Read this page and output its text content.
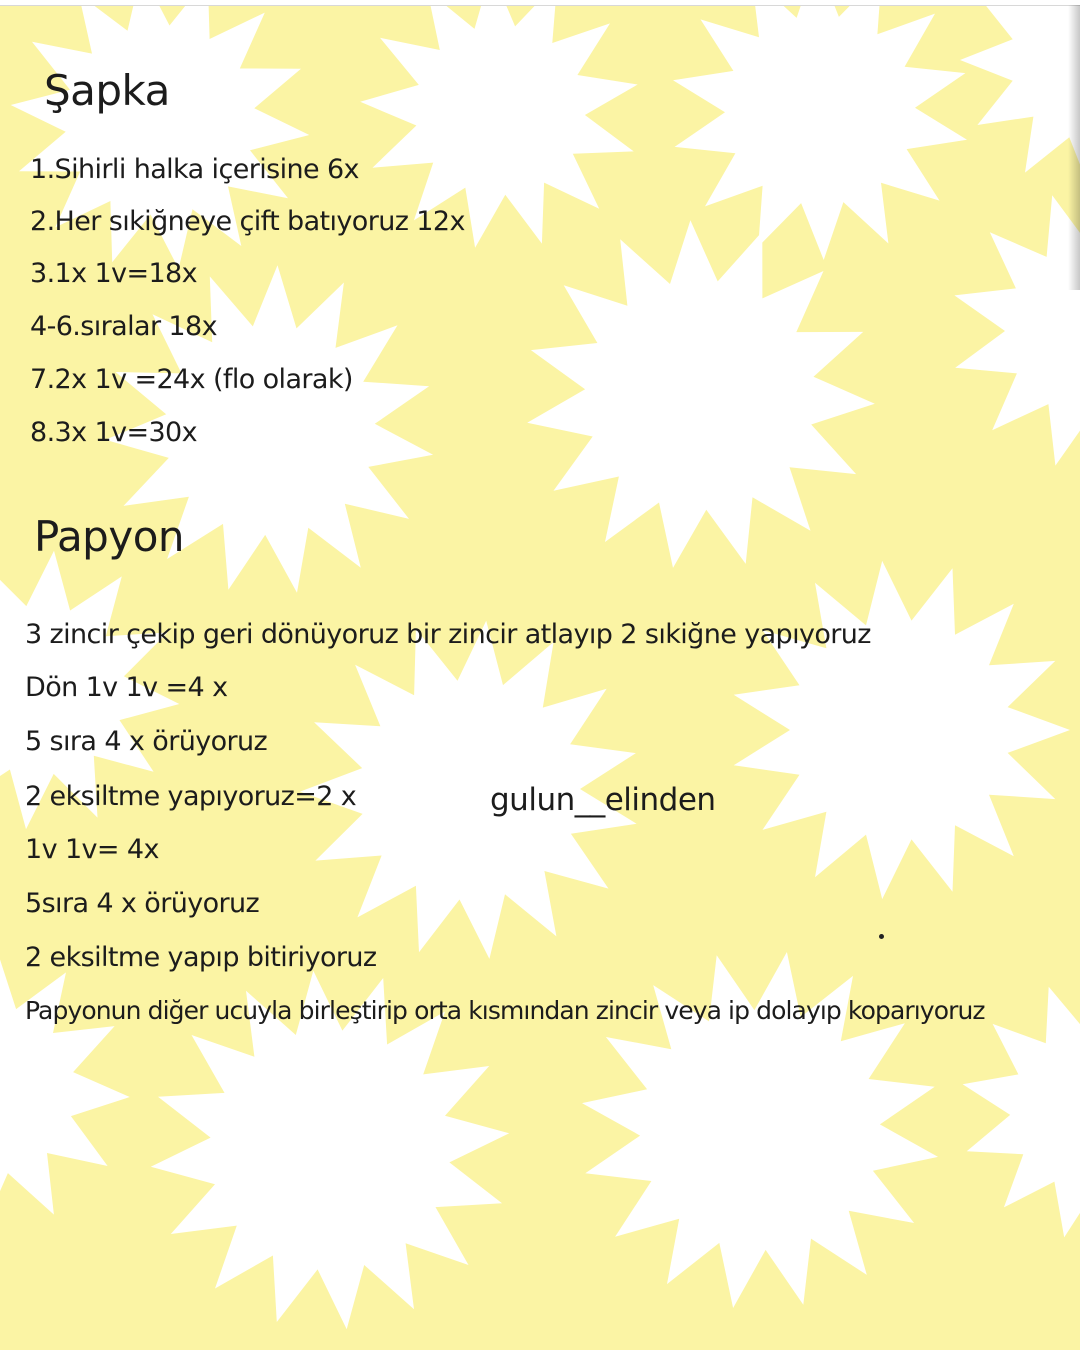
Şapka

1.Sihirli halka içerisine 6x

2.Her sıkiğneye çift batıyoruz 12x

3.1x 1v=18x

4-6.sıralar 18x

7.2x 1v =24x (flo olarak)

8.3x 1v=30x

Papyon

3 zincir çekip geri dönüyoruz bir zincir atlayıp 2 sıkiğne yapıyoruz

Dön 1v 1v =4 x

5 sıra 4 x örüyoruz

2 eksiltme yapıyoruz=2 x

1v 1v= 4x

5sıra 4 x örüyoruz

2 eksiltme yapıp bitiriyoruz

Papyonun diğer ucuyla birleştirip orta kısmından zincir veya ip dolayıp koparıyoruz

gulun__elinden
